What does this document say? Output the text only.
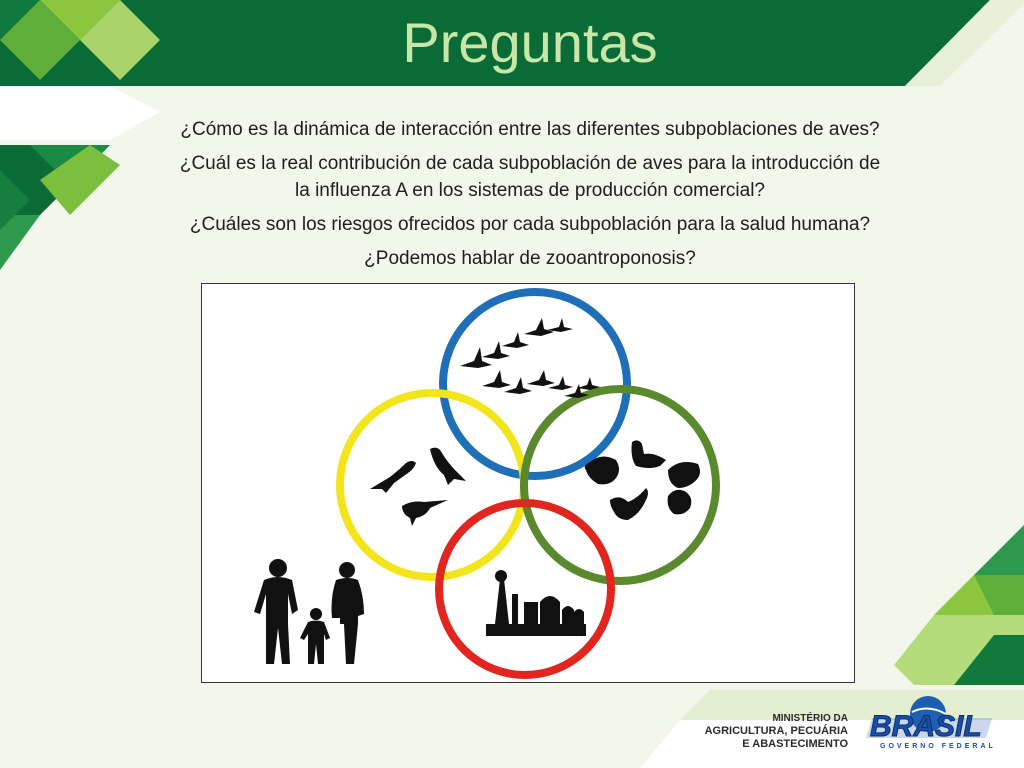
Preguntas

¿Cómo es la dinámica de interacción entre las diferentes subpoblaciones de aves?

¿Cuál es la real contribución de cada subpoblación de aves para la introducción de
la influenza A en los sistemas de producción comercial?

¿Cuáles son los riesgos ofrecidos por cada subpoblación para la salud humana?

¿Podemos hablar de zooantroponosis?

MINISTÉRIO DA
AGRICULTURA, PECUÁRIA
E ABASTECIMENTO
BRASIL
GOVERNO FEDERAL
